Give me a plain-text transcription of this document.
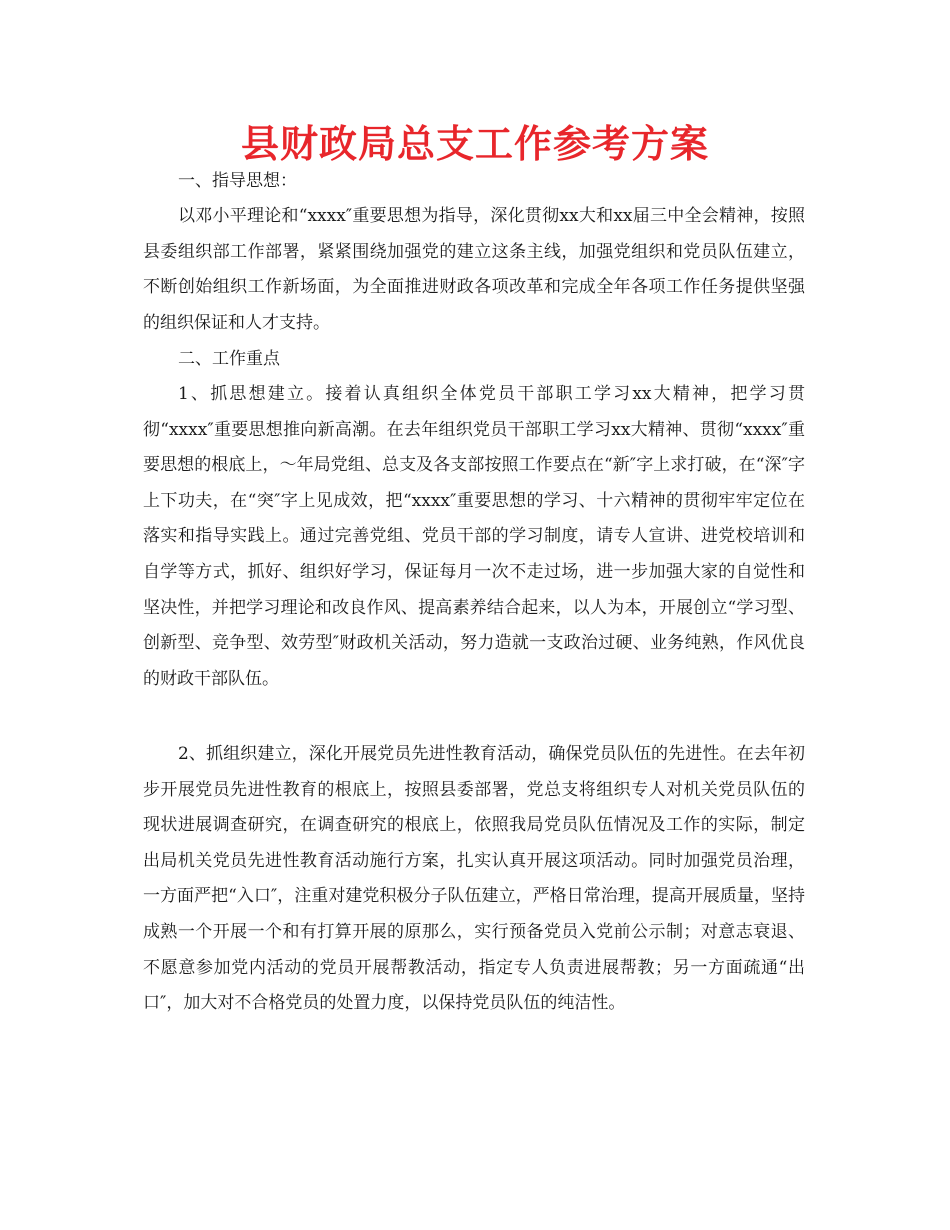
县财政局总支工作参考方案
一、指导思想：

以邓小平理论和“xxxx″重要思想为指导，深化贯彻xx大和xx届三中全会精神，按照县委组织部工作部署，紧紧围绕加强党的建立这条主线，加强党组织和党员队伍建立，不断创始组织工作新场面，为全面推进财政各项改革和完成全年各项工作任务提供坚强的组织保证和人才支持。

二、工作重点

1、抓思想建立。接着认真组织全体党员干部职工学习xx大精神，把学习贯彻“xxxx″重要思想推向新高潮。在去年组织党员干部职工学习xx大精神、贯彻“xxxx″重要思想的根底上，～年局党组、总支及各支部按照工作要点在“新″字上求打破，在“深″字上下功夫，在“突″字上见成效，把“xxxx″重要思想的学习、十六精神的贯彻牢牢定位在落实和指导实践上。通过完善党组、党员干部的学习制度，请专人宣讲、进党校培训和自学等方式，抓好、组织好学习，保证每月一次不走过场，进一步加强大家的自觉性和坚决性，并把学习理论和改良作风、提高素养结合起来，以人为本，开展创立“学习型、创新型、竞争型、效劳型″财政机关活动，努力造就一支政治过硬、业务纯熟，作风优良的财政干部队伍。

2、抓组织建立，深化开展党员先进性教育活动，确保党员队伍的先进性。在去年初步开展党员先进性教育的根底上，按照县委部署，党总支将组织专人对机关党员队伍的现状进展调查研究，在调查研究的根底上，依照我局党员队伍情况及工作的实际，制定出局机关党员先进性教育活动施行方案，扎实认真开展这项活动。同时加强党员治理，一方面严把“入口″，注重对建党积极分子队伍建立，严格日常治理，提高开展质量，坚持成熟一个开展一个和有打算开展的原那么，实行预备党员入党前公示制；对意志衰退、不愿意参加党内活动的党员开展帮教活动，指定专人负责进展帮教；另一方面疏通“出口″，加大对不合格党员的处置力度，以保持党员队伍的纯洁性。
